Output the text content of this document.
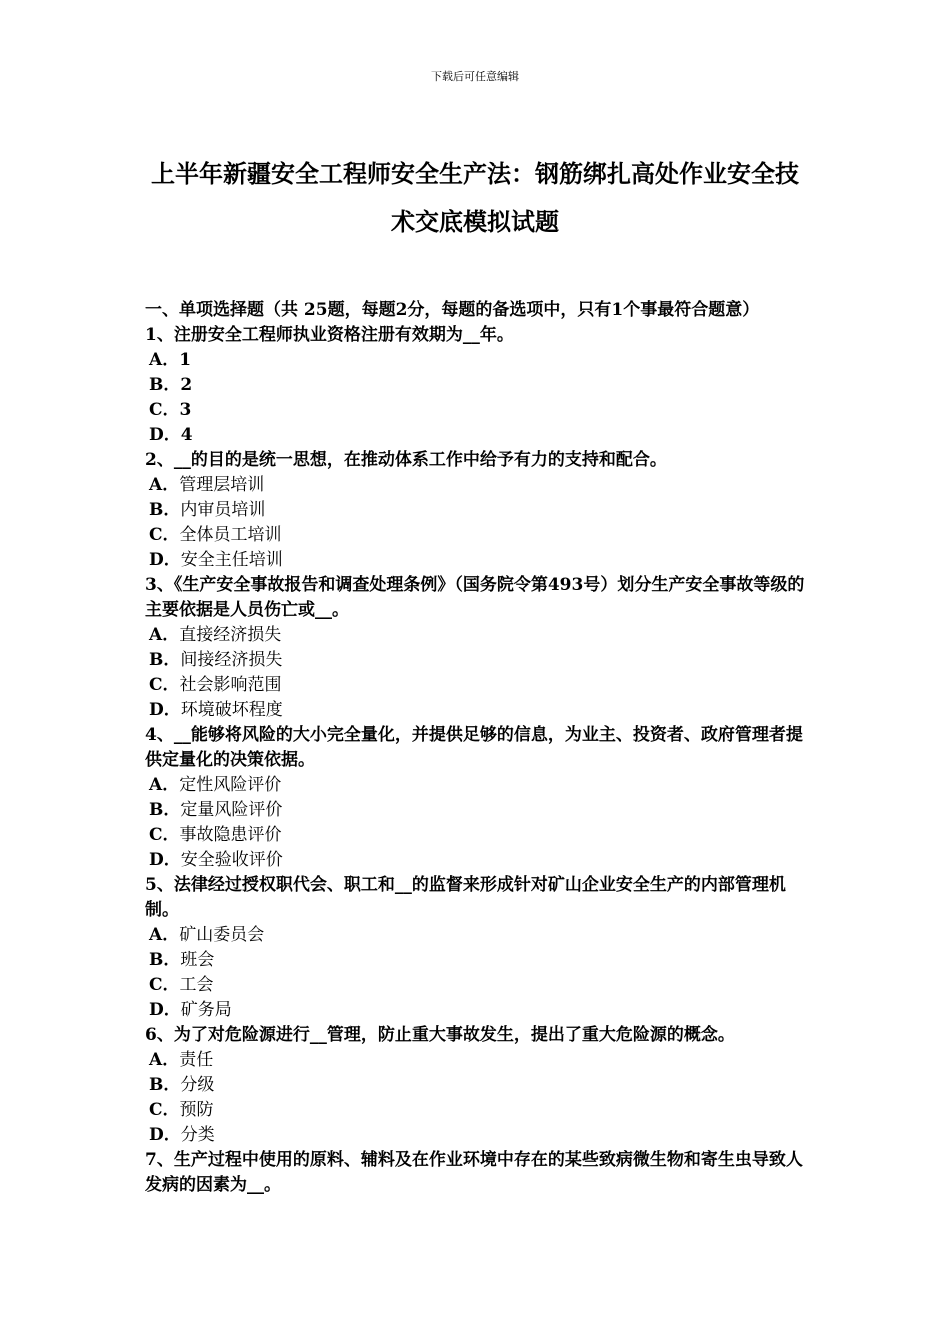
下载后可任意编辑
上半年新疆安全工程师安全生产法：钢筋绑扎高处作业安全技术交底模拟试题

一、单项选择题（共 25题，每题2分，每题的备选项中，只有1个事最符合题意）

1、注册安全工程师执业资格注册有效期为__年。
A．1
B．2
C．3
D．4
2、__的目的是统一思想，在推动体系工作中给予有力的支持和配合。
A．管理层培训
B．内审员培训
C．全体员工培训
D．安全主任培训
3、《生产安全事故报告和调查处理条例》（国务院令第493号）划分生产安全事故等级的主要依据是人员伤亡或__。
A．直接经济损失
B．间接经济损失
C．社会影响范围
D．环境破坏程度
4、__能够将风险的大小完全量化，并提供足够的信息，为业主、投资者、政府管理者提供定量化的决策依据。
A．定性风险评价
B．定量风险评价
C．事故隐患评价
D．安全验收评价
5、法律经过授权职代会、职工和__的监督来形成针对矿山企业安全生产的内部管理机制。
A．矿山委员会
B．班会
C．工会
D．矿务局
6、为了对危险源进行__管理，防止重大事故发生，提出了重大危险源的概念。
A．责任
B．分级
C．预防
D．分类
7、生产过程中使用的原料、辅料及在作业环境中存在的某些致病微生物和寄生虫导致人发病的因素为__。
